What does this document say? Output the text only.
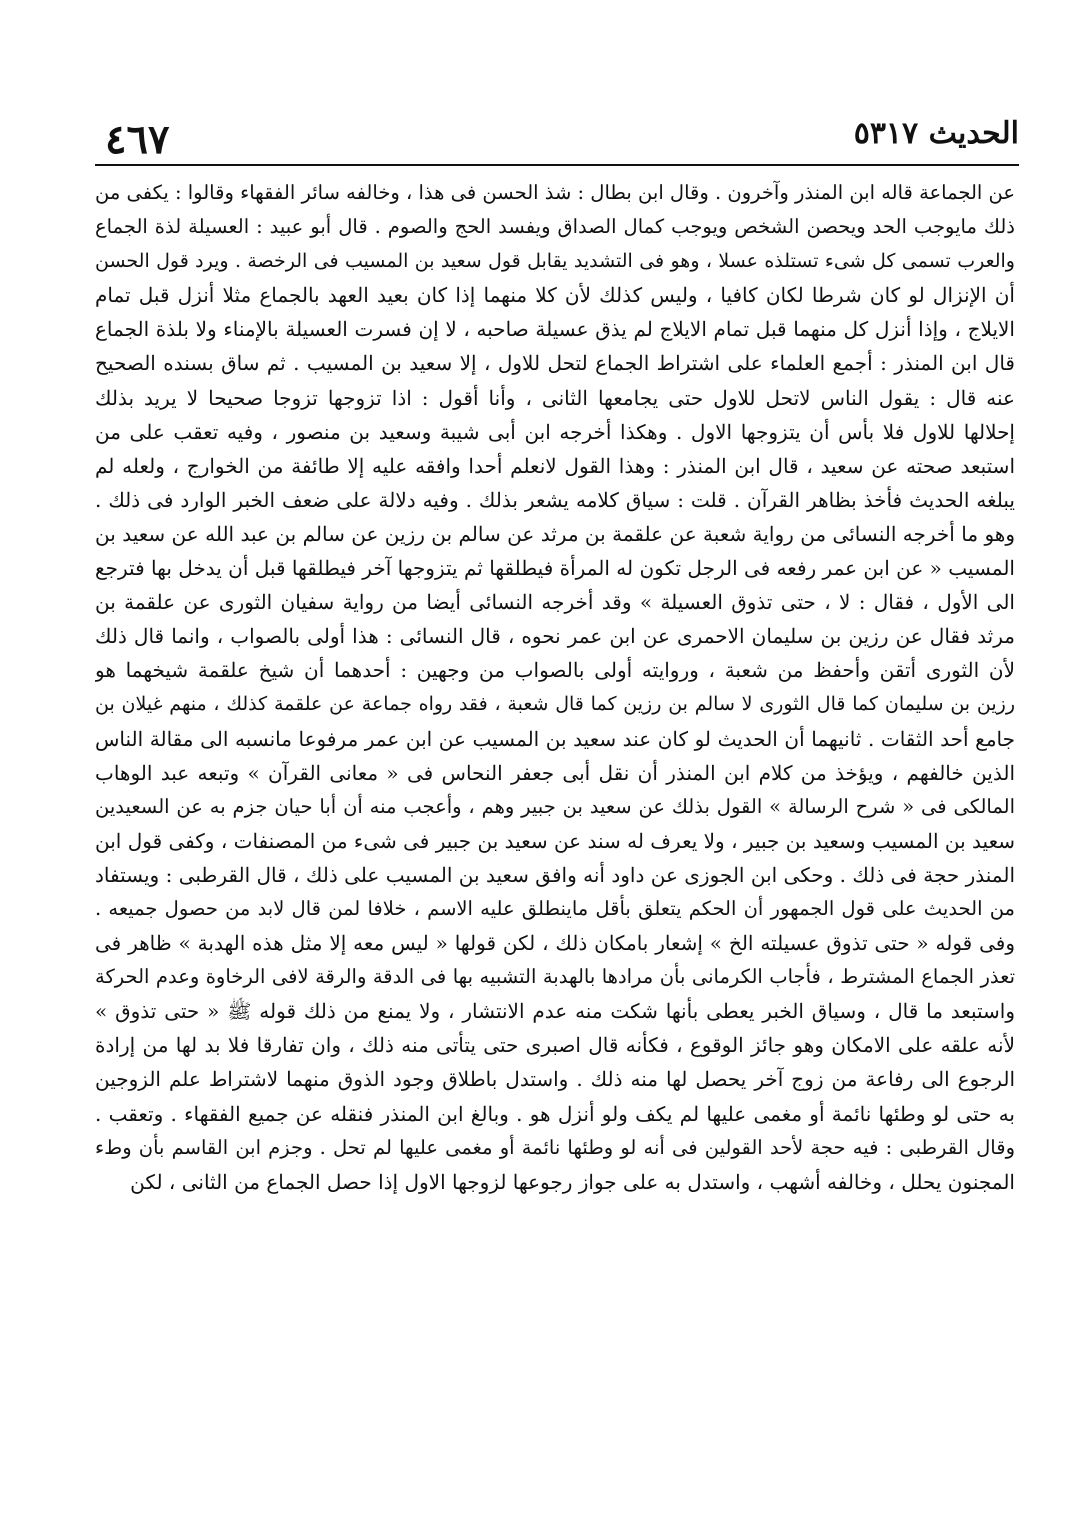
الحديث ٥٣١٧
٤٦٧
عن الجماعة قاله ابن المنذر وآخرون . وقال ابن بطال : شذ الحسن فى هذا ، وخالفه سائر الفقهاء وقالوا : يكفى من
ذلك مايوجب الحد ويحصن الشخص ويوجب كمال الصداق ويفسد الحج والصوم . قال أبو عبيد : العسيلة لذة الجماع
والعرب تسمى كل شىء تستلذه عسلا ، وهو فى التشديد يقابل قول سعيد بن المسيب فى الرخصة . ويرد قول الحسن
أن الإنزال لو كان شرطا لكان كافيا ، وليس كذلك لأن كلا منهما إذا كان بعيد العهد بالجماع مثلا أنزل قبل تمام
الايلاج ، وإذا أنزل كل منهما قبل تمام الايلاج لم يذق عسيلة صاحبه ، لا إن فسرت العسيلة بالإمناء ولا بلذة الجماع
قال ابن المنذر : أجمع العلماء على اشتراط الجماع لتحل للاول ، إلا سعيد بن المسيب . ثم ساق بسنده الصحيح
عنه قال : يقول الناس لاتحل للاول حتى يجامعها الثانى ، وأنا أقول : اذا تزوجها تزوجا صحيحا لا يريد بذلك
إحلالها للاول فلا بأس أن يتزوجها الاول . وهكذا أخرجه ابن أبى شيبة وسعيد بن منصور ، وفيه تعقب على من
استبعد صحته عن سعيد ، قال ابن المنذر : وهذا القول لانعلم أحدا وافقه عليه إلا طائفة من الخوارج ، ولعله لم
يبلغه الحديث فأخذ بظاهر القرآن . قلت : سياق كلامه يشعر بذلك . وفيه دلالة على ضعف الخبر الوارد فى ذلك .
وهو ما أخرجه النسائى من رواية شعبة عن علقمة بن مرثد عن سالم بن رزين عن سالم بن عبد الله عن سعيد بن
المسيب « عن ابن عمر رفعه فى الرجل تكون له المرأة فيطلقها ثم يتزوجها آخر فيطلقها قبل أن يدخل بها فترجع
الى الأول ، فقال : لا ، حتى تذوق العسيلة » وقد أخرجه النسائى أيضا من رواية سفيان الثورى عن علقمة بن
مرثد فقال عن رزين بن سليمان الاحمرى عن ابن عمر نحوه ، قال النسائى : هذا أولى بالصواب ، وانما قال ذلك
لأن الثورى أتقن وأحفظ من شعبة ، وروايته أولى بالصواب من وجهين : أحدهما أن شيخ علقمة شيخهما هو
رزين بن سليمان كما قال الثورى لا سالم بن رزين كما قال شعبة ، فقد رواه جماعة عن علقمة كذلك ، منهم غيلان بن
جامع أحد الثقات . ثانيهما أن الحديث لو كان عند سعيد بن المسيب عن ابن عمر مرفوعا مانسبه الى مقالة الناس
الذين خالفهم ، ويؤخذ من كلام ابن المنذر أن نقل أبى جعفر النحاس فى « معانى القرآن » وتبعه عبد الوهاب
المالكى فى « شرح الرسالة » القول بذلك عن سعيد بن جبير وهم ، وأعجب منه أن أبا حيان جزم به عن السعيدين
سعيد بن المسيب وسعيد بن جبير ، ولا يعرف له سند عن سعيد بن جبير فى شىء من المصنفات ، وكفى قول ابن
المنذر حجة فى ذلك . وحكى ابن الجوزى عن داود أنه وافق سعيد بن المسيب على ذلك ، قال القرطبى : ويستفاد
من الحديث على قول الجمهور أن الحكم يتعلق بأقل ماينطلق عليه الاسم ، خلافا لمن قال لابد من حصول جميعه .
وفى قوله « حتى تذوق عسيلته الخ » إشعار بامكان ذلك ، لكن قولها « ليس معه إلا مثل هذه الهدبة » ظاهر فى
تعذر الجماع المشترط ، فأجاب الكرمانى بأن مرادها بالهدبة التشبيه بها فى الدقة والرقة لافى الرخاوة وعدم الحركة
واستبعد ما قال ، وسياق الخبر يعطى بأنها شكت منه عدم الانتشار ، ولا يمنع من ذلك قوله ﷺ « حتى تذوق »
لأنه علقه على الامكان وهو جائز الوقوع ، فكأنه قال اصبرى حتى يتأتى منه ذلك ، وان تفارقا فلا بد لها من إرادة
الرجوع الى رفاعة من زوج آخر يحصل لها منه ذلك . واستدل باطلاق وجود الذوق منهما لاشتراط علم الزوجين
به حتى لو وطئها نائمة أو مغمى عليها لم يكف ولو أنزل هو . وبالغ ابن المنذر فنقله عن جميع الفقهاء . وتعقب .
وقال القرطبى : فيه حجة لأحد القولين فى أنه لو وطئها نائمة أو مغمى عليها لم تحل . وجزم ابن القاسم بأن وطء
المجنون يحلل ، وخالفه أشهب ، واستدل به على جواز رجوعها لزوجها الاول إذا حصل الجماع من الثانى ، لكن
